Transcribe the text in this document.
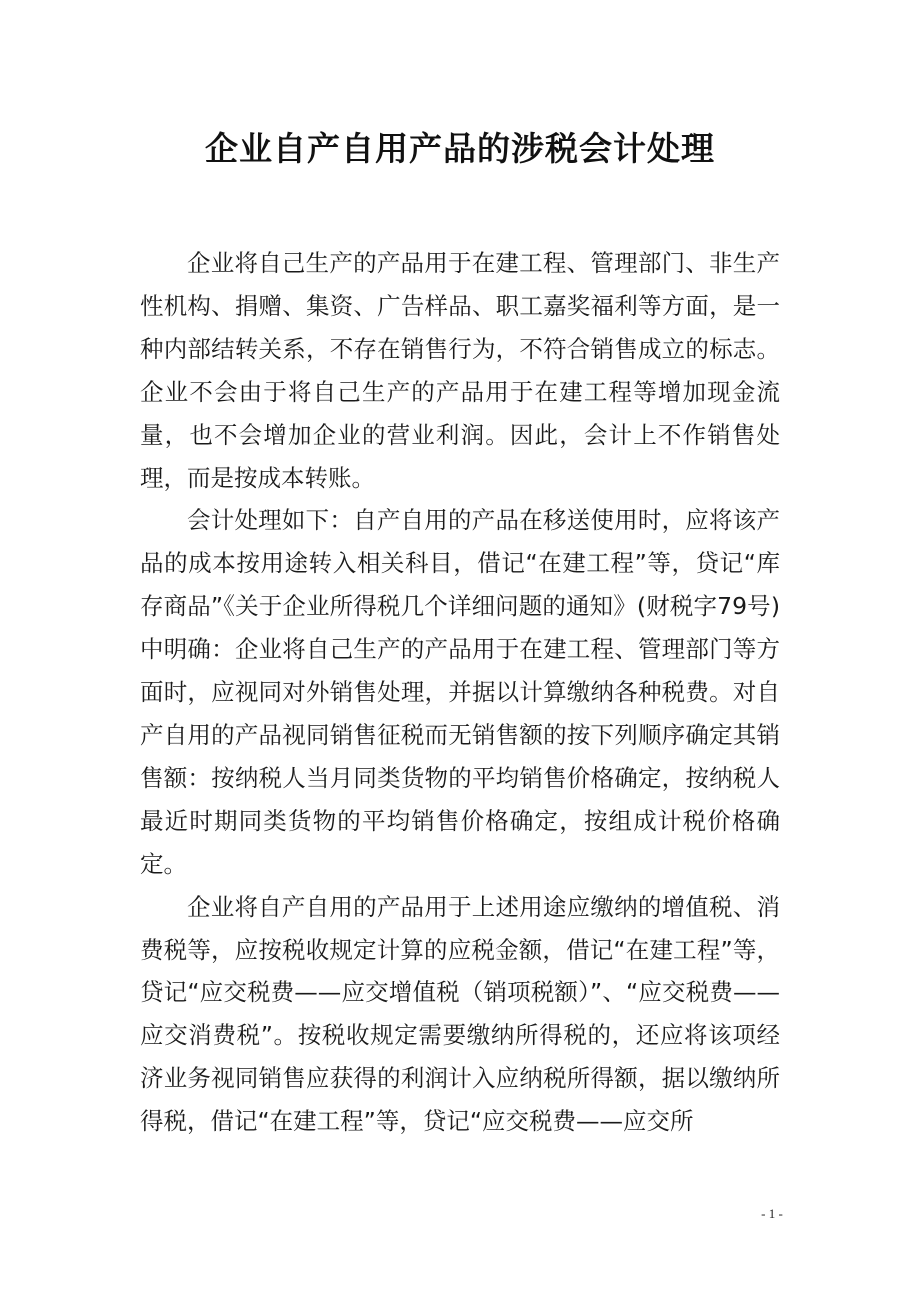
企业自产自用产品的涉税会计处理

企业将自己生产的产品用于在建工程、管理部门、非生产性机构、捐赠、集资、广告样品、职工嘉奖福利等方面，是一种内部结转关系，不存在销售行为，不符合销售成立的标志。企业不会由于将自己生产的产品用于在建工程等增加现金流量，也不会增加企业的营业利润。因此，会计上不作销售处理，而是按成本转账。

会计处理如下：自产自用的产品在移送使用时，应将该产品的成本按用途转入相关科目，借记“在建工程”等，贷记“库存商品”《关于企业所得税几个详细问题的通知》(财税字79号)中明确：企业将自己生产的产品用于在建工程、管理部门等方面时，应视同对外销售处理，并据以计算缴纳各种税费。对自产自用的产品视同销售征税而无销售额的按下列顺序确定其销售额：按纳税人当月同类货物的平均销售价格确定，按纳税人最近时期同类货物的平均销售价格确定，按组成计税价格确定。

企业将自产自用的产品用于上述用途应缴纳的增值税、消费税等，应按税收规定计算的应税金额，借记“在建工程”等，贷记“应交税费——应交增值税（销项税额）”、“应交税费——应交消费税”。按税收规定需要缴纳所得税的，还应将该项经济业务视同销售应获得的利润计入应纳税所得额，据以缴纳所得税，借记“在建工程”等，贷记“应交税费——应交所

- 1 -
